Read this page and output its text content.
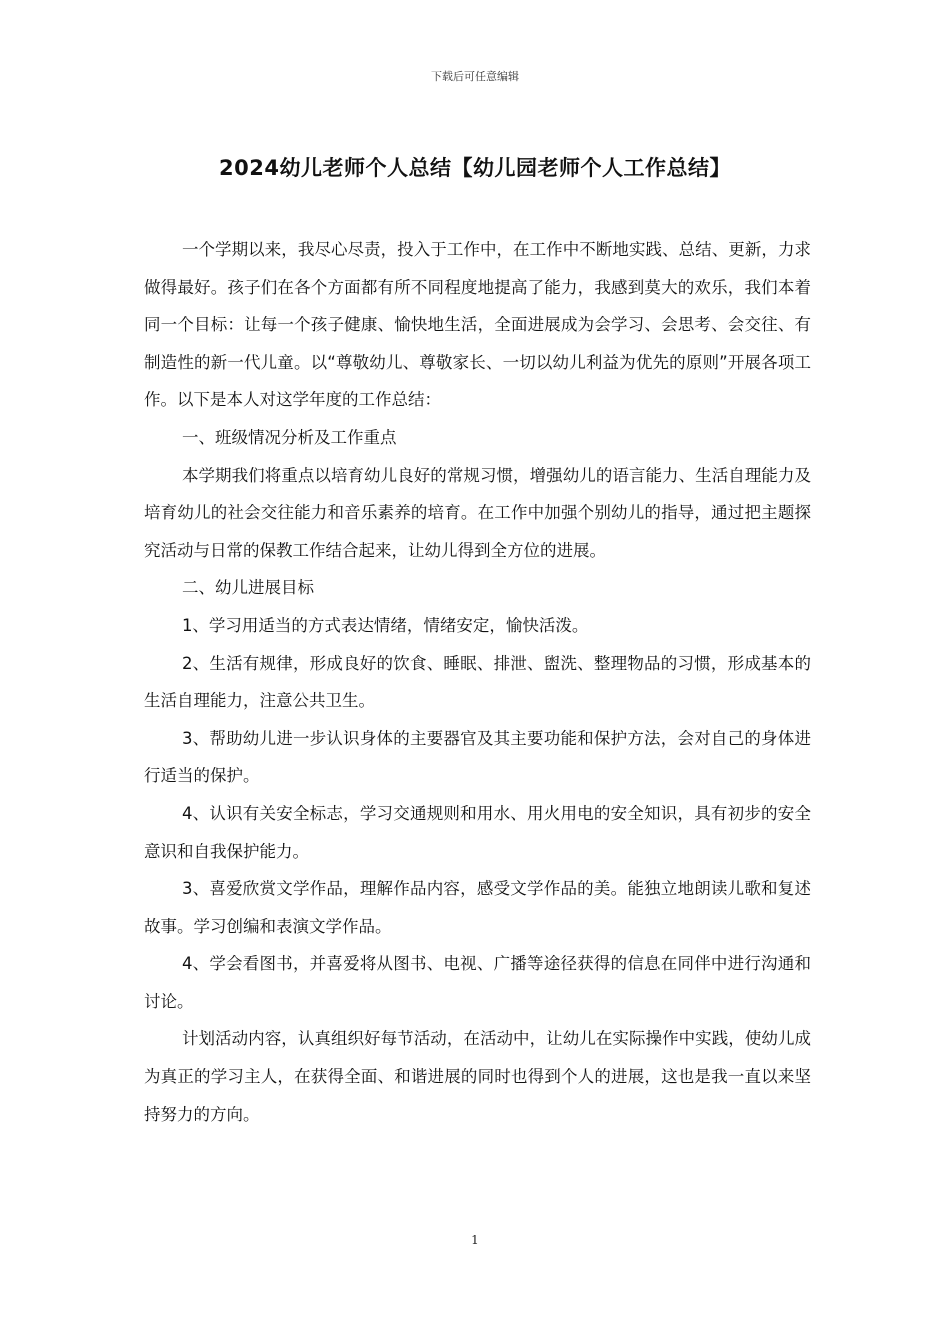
下载后可任意编辑
2024幼儿老师个人总结【幼儿园老师个人工作总结】

一个学期以来，我尽心尽责，投入于工作中，在工作中不断地实践、总结、更新，力求做得最好。孩子们在各个方面都有所不同程度地提高了能力，我感到莫大的欢乐，我们本着同一个目标：让每一个孩子健康、愉快地生活，全面进展成为会学习、会思考、会交往、有制造性的新一代儿童。以“尊敬幼儿、尊敬家长、一切以幼儿利益为优先的原则”开展各项工作。以下是本人对这学年度的工作总结：

一、班级情况分析及工作重点

本学期我们将重点以培育幼儿良好的常规习惯，增强幼儿的语言能力、生活自理能力及培育幼儿的社会交往能力和音乐素养的培育。在工作中加强个别幼儿的指导，通过把主题探究活动与日常的保教工作结合起来，让幼儿得到全方位的进展。

二、幼儿进展目标

1、学习用适当的方式表达情绪，情绪安定，愉快活泼。

2、生活有规律，形成良好的饮食、睡眠、排泄、盥洗、整理物品的习惯，形成基本的生活自理能力，注意公共卫生。

3、帮助幼儿进一步认识身体的主要器官及其主要功能和保护方法，会对自己的身体进行适当的保护。

4、认识有关安全标志，学习交通规则和用水、用火用电的安全知识，具有初步的安全意识和自我保护能力。

3、喜爱欣赏文学作品，理解作品内容，感受文学作品的美。能独立地朗读儿歌和复述故事。学习创编和表演文学作品。

4、学会看图书，并喜爱将从图书、电视、广播等途径获得的信息在同伴中进行沟通和讨论。

计划活动内容，认真组织好每节活动，在活动中，让幼儿在实际操作中实践，使幼儿成为真正的学习主人，在获得全面、和谐进展的同时也得到个人的进展，这也是我一直以来坚持努力的方向。

1
